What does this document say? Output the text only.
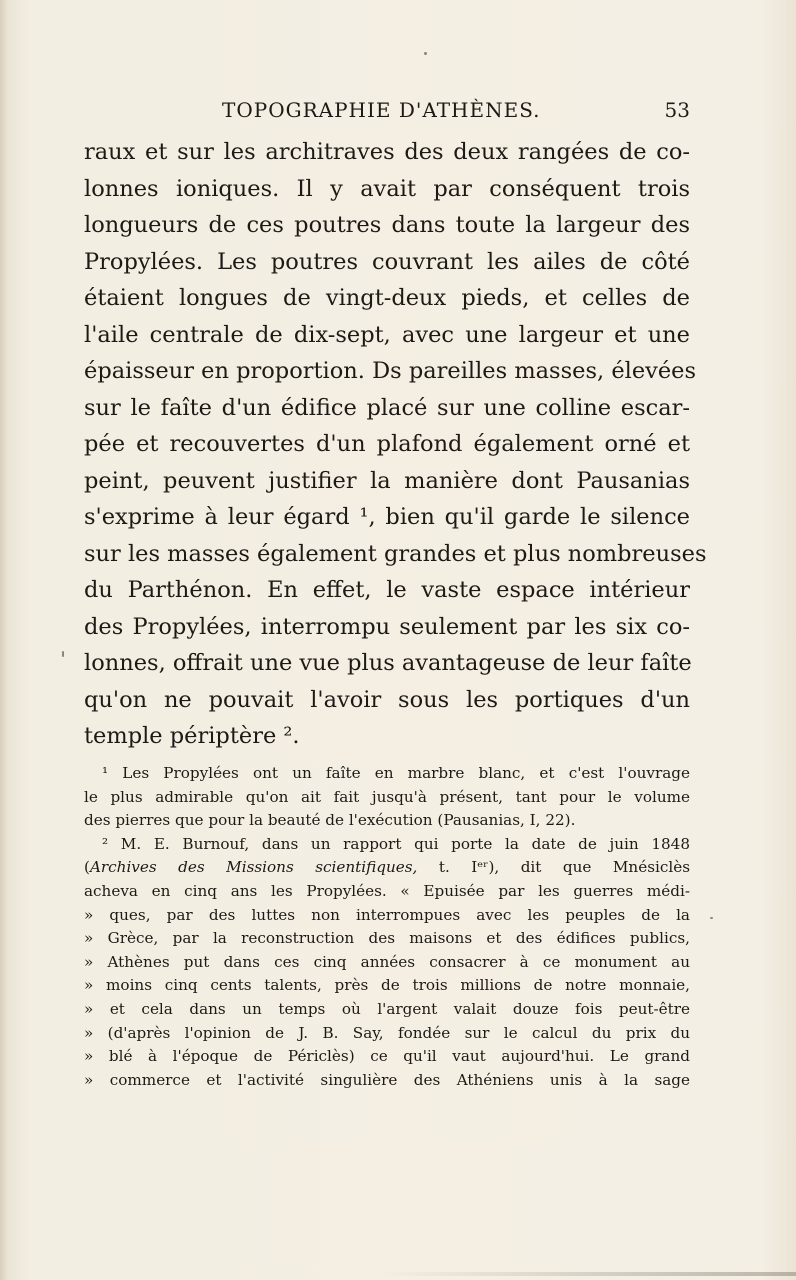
TOPOGRAPHIE D'ATHÈNES.	53
raux et sur les architraves des deux rangées de co-
lonnes ioniques. Il y avait par conséquent trois
longueurs de ces poutres dans toute la largeur des
Propylées. Les poutres couvrant les ailes de côté
étaient longues de vingt-deux pieds, et celles de
l'aile centrale de dix-sept, avec une largeur et une
épaisseur en proportion. Ds pareilles masses, élevées
sur le faîte d'un édifice placé sur une colline escar-
pée et recouvertes d'un plafond également orné et
peint, peuvent justifier la manière dont Pausanias
s'exprime à leur égard ¹, bien qu'il garde le silence
sur les masses également grandes et plus nombreuses
du Parthénon. En effet, le vaste espace intérieur
des Propylées, interrompu seulement par les six co-
lonnes, offrait une vue plus avantageuse de leur faîte
qu'on ne pouvait l'avoir sous les portiques d'un
temple périptère ².
¹ Les Propylées ont un faîte en marbre blanc, et c'est l'ouvrage
le plus admirable qu'on ait fait jusqu'à présent, tant pour le volume
des pierres que pour la beauté de l'exécution (Pausanias, I, 22).
² M. E. Burnouf, dans un rapport qui porte la date de juin 1848
(Archives des Missions scientifiques, t. Iᵉʳ), dit que Mnésiclès
acheva en cinq ans les Propylées. « Epuisée par les guerres médi-
» ques, par des luttes non interrompues avec les peuples de la
» Grèce, par la reconstruction des maisons et des édifices publics,
» Athènes put dans ces cinq années consacrer à ce monument au
» moins cinq cents talents, près de trois millions de notre monnaie,
» et cela dans un temps où l'argent valait douze fois peut-être
» (d'après l'opinion de J. B. Say, fondée sur le calcul du prix du
» blé à l'époque de Périclès) ce qu'il vaut aujourd'hui. Le grand
» commerce et l'activité singulière des Athéniens unis à la sage
